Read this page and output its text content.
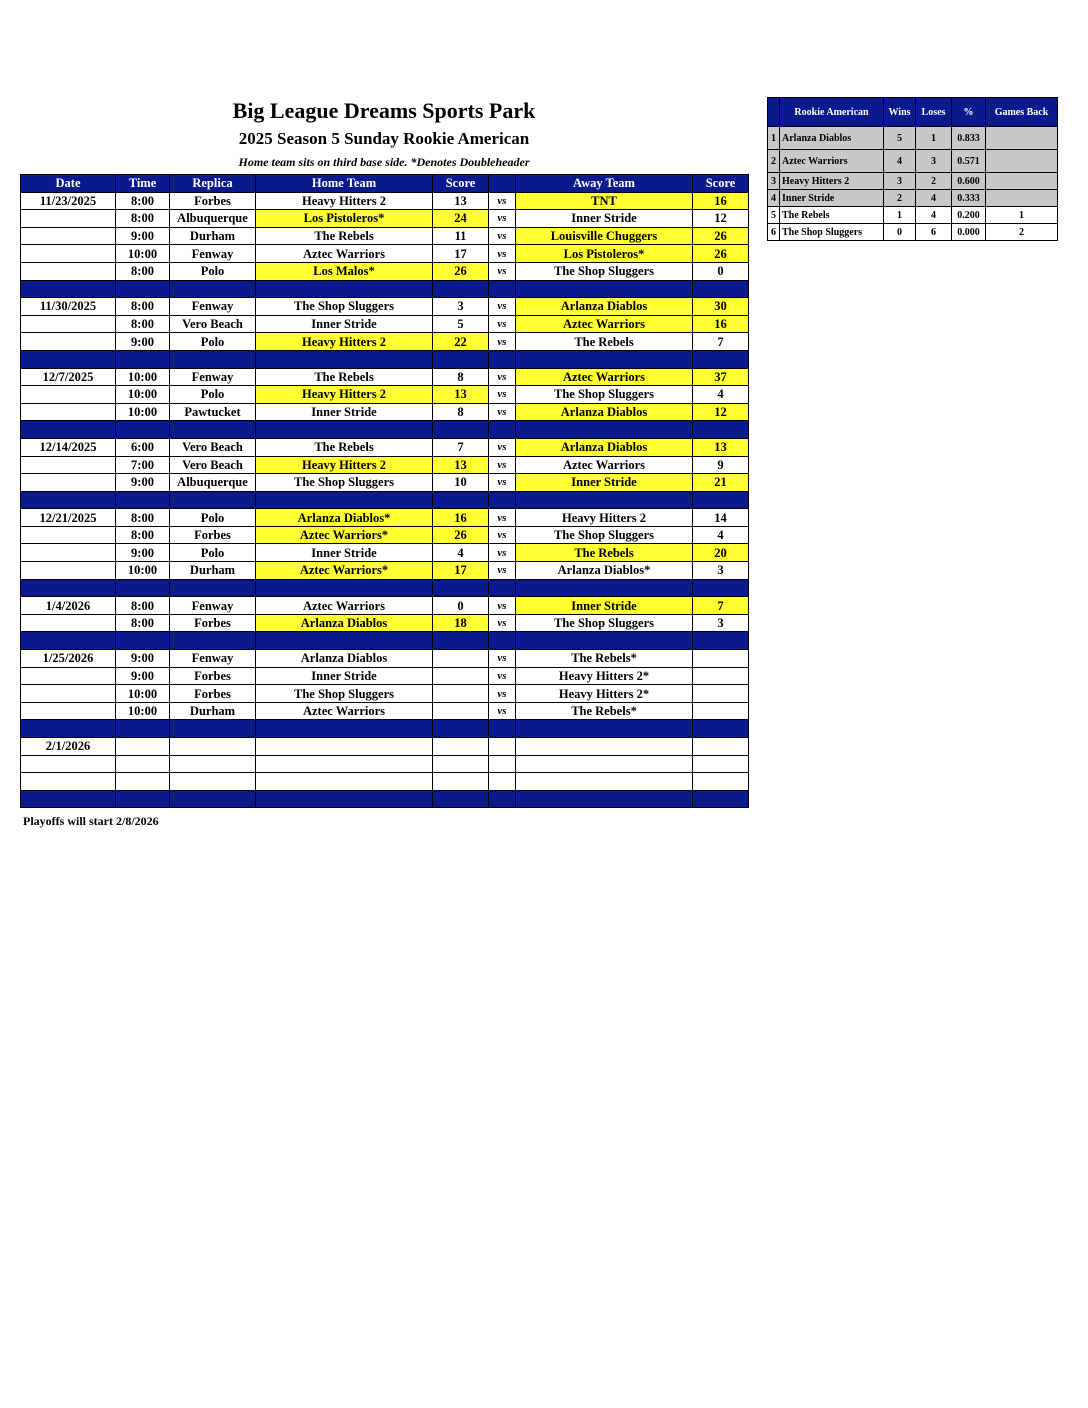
Big League Dreams Sports Park
2025 Season 5 Sunday Rookie American
Home team sits on third base side. *Denotes Doubleheader
Date	Time	Replica	Home Team	Score		Away Team	Score
11/23/2025	8:00	Forbes	Heavy Hitters 2	13	vs	TNT	16
	8:00	Albuquerque	Los Pistoleros*	24	vs	Inner Stride	12
	9:00	Durham	The Rebels	11	vs	Louisville Chuggers	26
	10:00	Fenway	Aztec Warriors	17	vs	Los Pistoleros*	26
	8:00	Polo	Los Malos*	26	vs	The Shop Sluggers	0

11/30/2025	8:00	Fenway	The Shop Sluggers	3	vs	Arlanza Diablos	30
	8:00	Vero Beach	Inner Stride	5	vs	Aztec Warriors	16
	9:00	Polo	Heavy Hitters 2	22	vs	The Rebels	7

12/7/2025	10:00	Fenway	The Rebels	8	vs	Aztec Warriors	37
	10:00	Polo	Heavy Hitters 2	13	vs	The Shop Sluggers	4
	10:00	Pawtucket	Inner Stride	8	vs	Arlanza Diablos	12

12/14/2025	6:00	Vero Beach	The Rebels	7	vs	Arlanza Diablos	13
	7:00	Vero Beach	Heavy Hitters 2	13	vs	Aztec Warriors	9
	9:00	Albuquerque	The Shop Sluggers	10	vs	Inner Stride	21

12/21/2025	8:00	Polo	Arlanza Diablos*	16	vs	Heavy Hitters 2	14
	8:00	Forbes	Aztec Warriors*	26	vs	The Shop Sluggers	4
	9:00	Polo	Inner Stride	4	vs	The Rebels	20
	10:00	Durham	Aztec Warriors*	17	vs	Arlanza Diablos*	3

1/4/2026	8:00	Fenway	Aztec Warriors	0	vs	Inner Stride	7
	8:00	Forbes	Arlanza Diablos	18	vs	The Shop Sluggers	3

1/25/2026	9:00	Fenway	Arlanza Diablos		vs	The Rebels*	
	9:00	Forbes	Inner Stride		vs	Heavy Hitters 2*	
	10:00	Forbes	The Shop Sluggers		vs	Heavy Hitters 2*	
	10:00	Durham	Aztec Warriors		vs	The Rebels*	

2/1/2026							

Playoffs will start 2/8/2026
	Rookie American	Wins	Loses	%	Games Back
1	Arlanza Diablos	5	1	0.833	
2	Aztec Warriors	4	3	0.571	
3	Heavy Hitters 2	3	2	0.600	
4	Inner Stride	2	4	0.333	
5	The Rebels	1	4	0.200	1
6	The Shop Sluggers	0	6	0.000	2
